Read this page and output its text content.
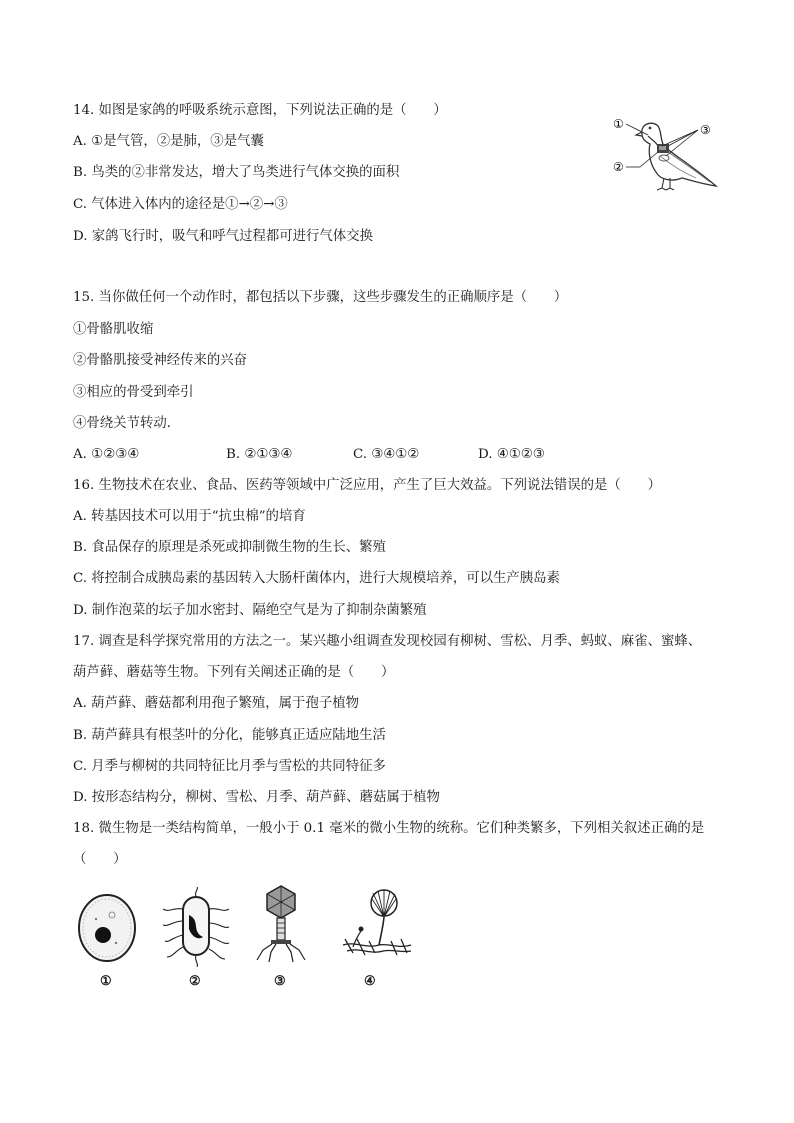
14. 如图是家鸽的呼吸系统示意图，下列说法正确的是（　　）
A. ①是气管，②是肺，③是气囊
B. 鸟类的②非常发达，增大了鸟类进行气体交换的面积
C. 气体进入体内的途径是①→②→③
D. 家鸽飞行时，吸气和呼气过程都可进行气体交换
①
②
③
15. 当你做任何一个动作时，都包括以下步骤，这些步骤发生的正确顺序是（　　）
①骨骼肌收缩
②骨骼肌接受神经传来的兴奋
③相应的骨受到牵引
④骨绕关节转动．
A. ①②③④	B. ②①③④	C. ③④①②	D. ④①②③
16. 生物技术在农业、食品、医药等领域中广泛应用，产生了巨大效益。下列说法错误的是（　　）
A. 转基因技术可以用于“抗虫棉”的培育
B. 食品保存的原理是杀死或抑制微生物的生长、繁殖
C. 将控制合成胰岛素的基因转入大肠杆菌体内，进行大规模培养，可以生产胰岛素
D. 制作泡菜的坛子加水密封、隔绝空气是为了抑制杂菌繁殖
17. 调查是科学探究常用的方法之一。某兴趣小组调查发现校园有柳树、雪松、月季、蚂蚁、麻雀、蜜蜂、
葫芦藓、蘑菇等生物。下列有关阐述正确的是（　　）
A. 葫芦藓、蘑菇都利用孢子繁殖，属于孢子植物
B. 葫芦藓具有根茎叶的分化，能够真正适应陆地生活
C. 月季与柳树的共同特征比月季与雪松的共同特征多
D. 按形态结构分，柳树、雪松、月季、葫芦藓、蘑菇属于植物
18. 微生物是一类结构简单，一般小于 0.1 毫米的微小生物的统称。它们种类繁多，下列相关叙述正确的是
（　　）
①	②	③	④
